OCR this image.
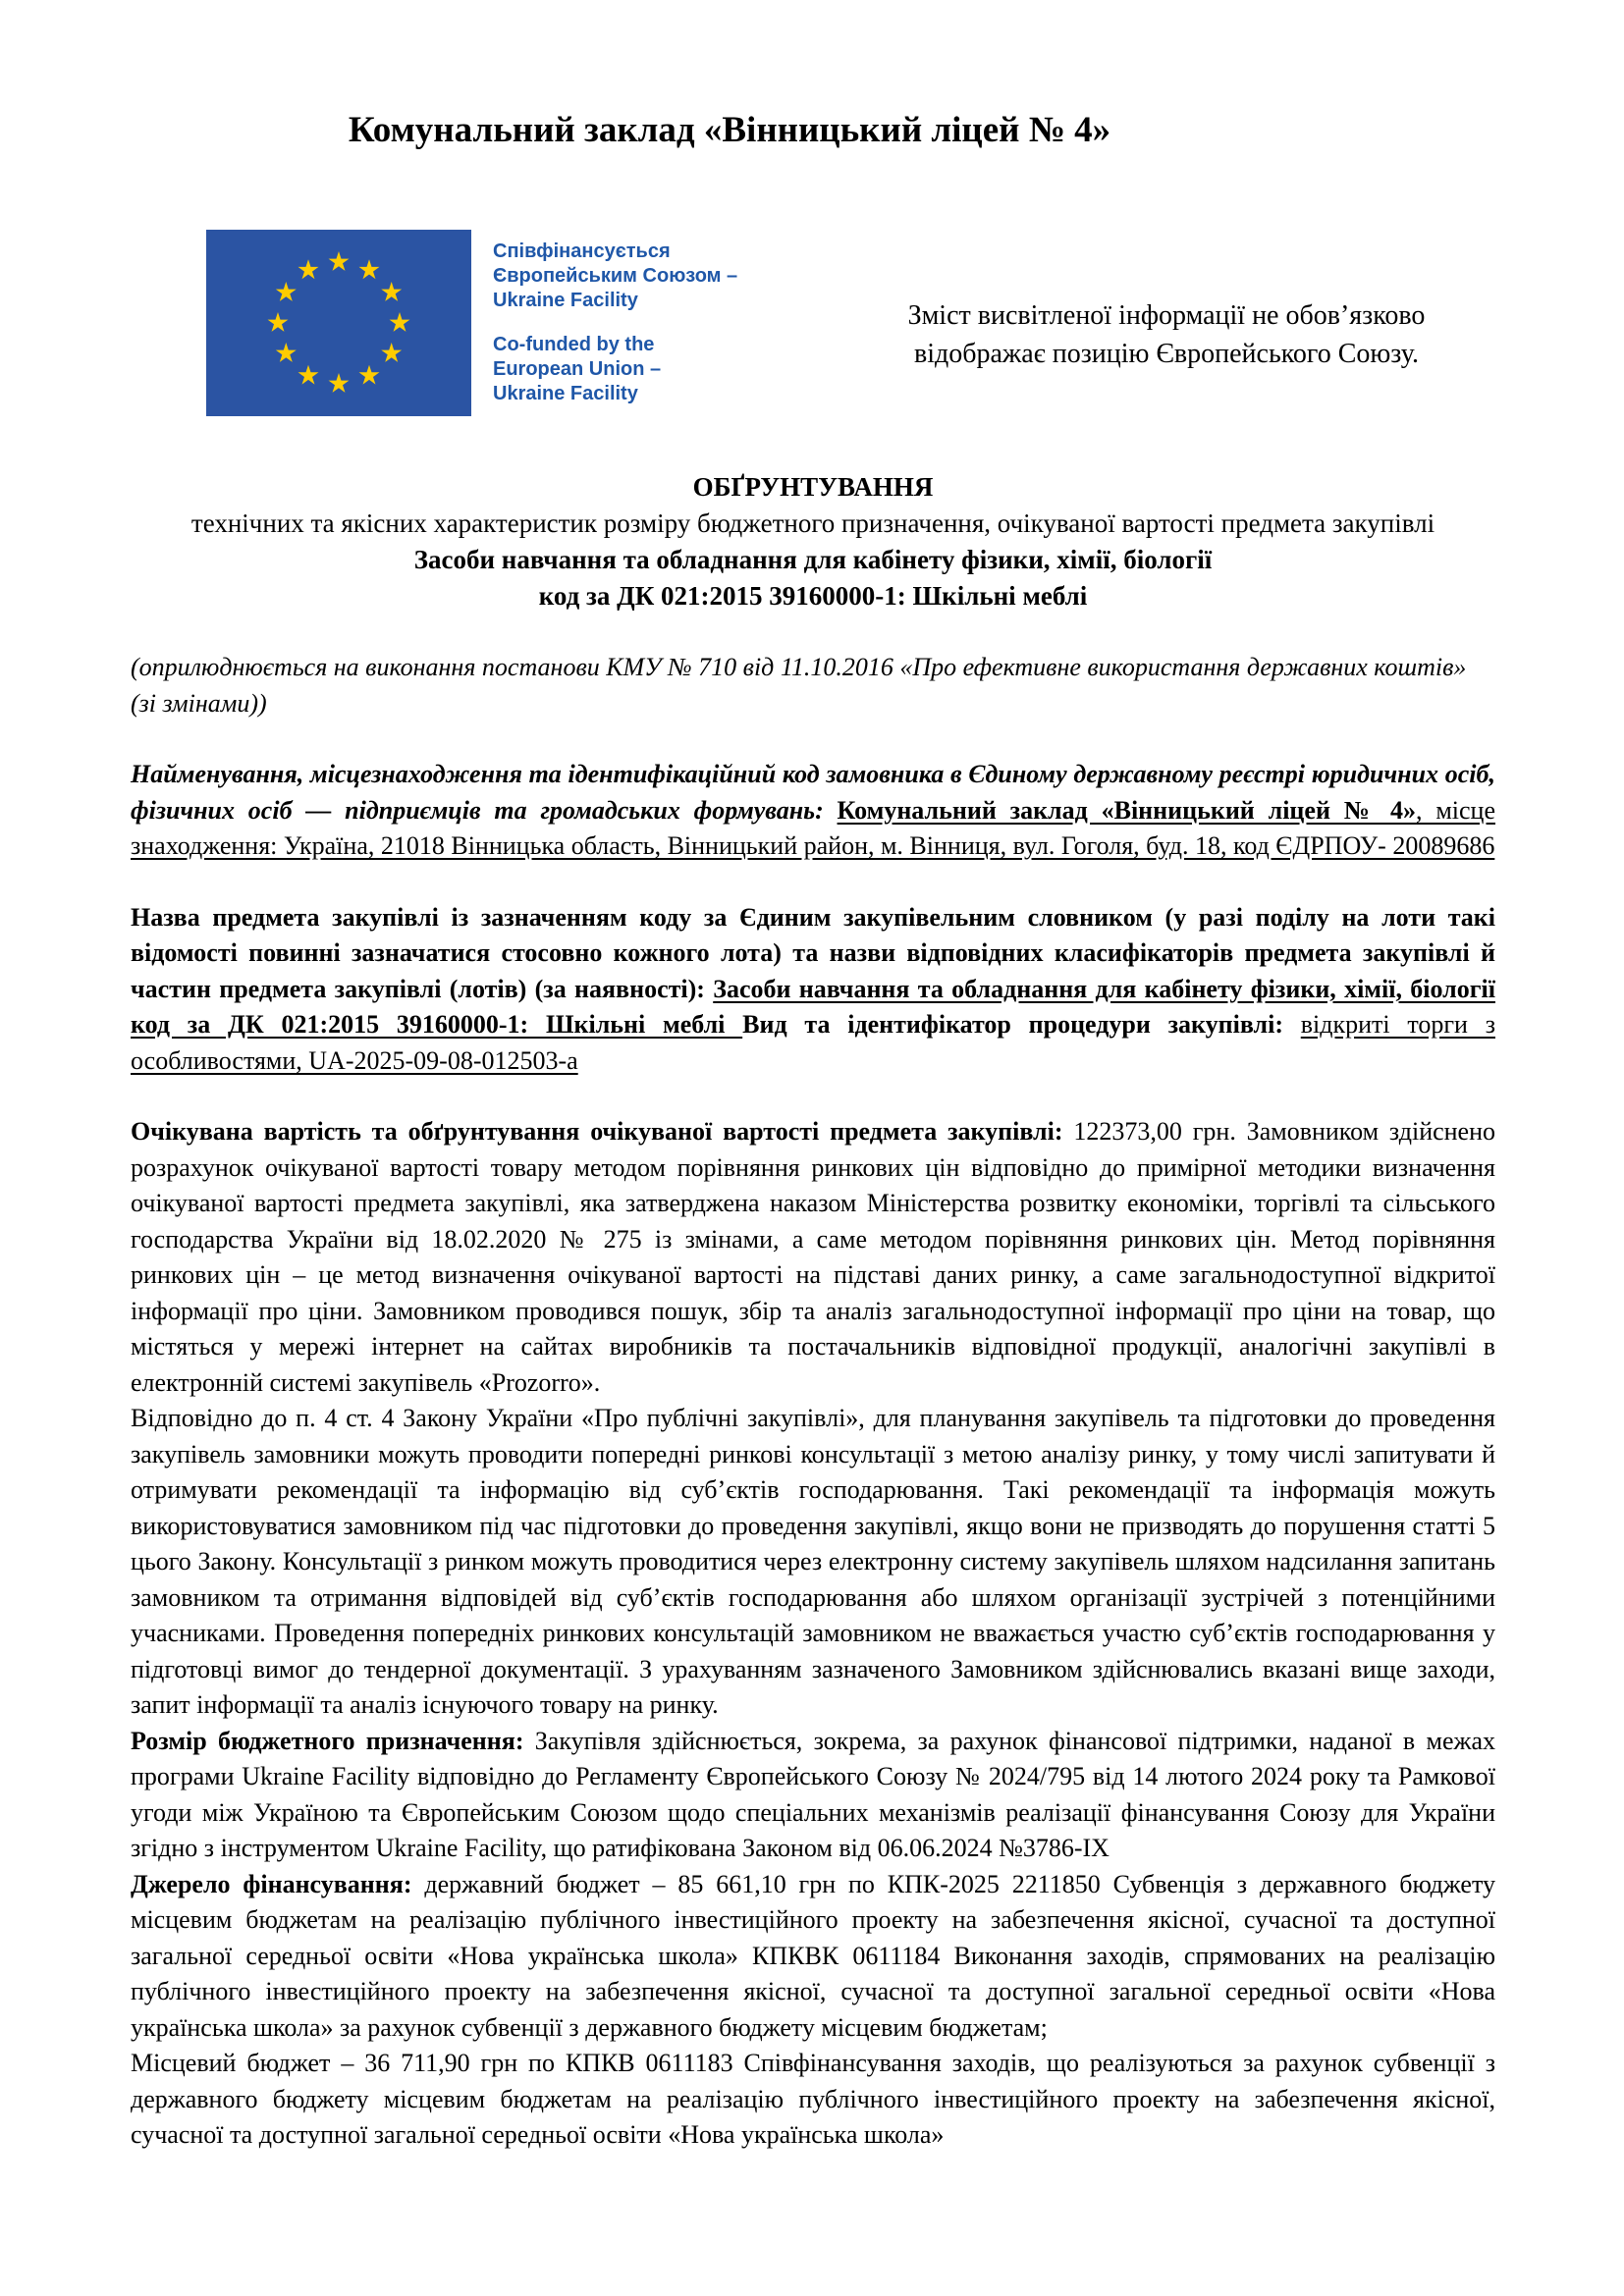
Комунальний заклад «Вінницький ліцей № 4»
Співфінансується
Європейським Союзом –
Ukraine Facility
Co-funded by the
European Union –
Ukraine Facility
Зміст висвітленої інформації не обов’язково
відображає позицію Європейського Союзу.
ОБҐРУНТУВАННЯ
технічних та якісних характеристик розміру бюджетного призначення, очікуваної вартості предмета закупівлі
Засоби навчання та обладнання для кабінету фізики, хімії, біології
код за ДК 021:2015 39160000-1: Шкільні меблі

(оприлюднюється на виконання постанови КМУ № 710 від 11.10.2016 «Про ефективне використання державних коштів» (зі змінами))

Найменування, місцезнаходження та ідентифікаційний код замовника в Єдиному державному реєстрі юридичних осіб, фізичних осіб — підприємців та громадських формувань: Комунальний заклад «Вінницький ліцей № 4», місце знаходження: Україна, 21018 Вінницька область, Вінницький район, м. Вінниця, вул. Гоголя, буд. 18, код ЄДРПОУ- 20089686

Назва предмета закупівлі із зазначенням коду за Єдиним закупівельним словником (у разі поділу на лоти такі відомості повинні зазначатися стосовно кожного лота) та назви відповідних класифікаторів предмета закупівлі й частин предмета закупівлі (лотів) (за наявності): Засоби навчання та обладнання для кабінету фізики, хімії, біології код за ДК 021:2015 39160000-1: Шкільні меблі Вид та ідентифікатор процедури закупівлі: відкриті торги з особливостями, UA-2025-09-08-012503-a

Очікувана вартість та обґрунтування очікуваної вартості предмета закупівлі: 122373,00 грн. Замовником здійснено розрахунок очікуваної вартості товару методом порівняння ринкових цін відповідно до примірної методики визначення очікуваної вартості предмета закупівлі, яка затверджена наказом Міністерства розвитку економіки, торгівлі та сільського господарства України від 18.02.2020 № 275 із змінами, а саме методом порівняння ринкових цін. Метод порівняння ринкових цін – це метод визначення очікуваної вартості на підставі даних ринку, а саме загальнодоступної відкритої інформації про ціни. Замовником проводився пошук, збір та аналіз загальнодоступної інформації про ціни на товар, що містяться у мережі інтернет на сайтах виробників та постачальників відповідної продукції, аналогічні закупівлі в електронній системі закупівель «Prozorro».

Відповідно до п. 4 ст. 4 Закону України «Про публічні закупівлі», для планування закупівель та підготовки до проведення закупівель замовники можуть проводити попередні ринкові консультації з метою аналізу ринку, у тому числі запитувати й отримувати рекомендації та інформацію від суб’єктів господарювання. Такі рекомендації та інформація можуть використовуватися замовником під час підготовки до проведення закупівлі, якщо вони не призводять до порушення статті 5 цього Закону. Консультації з ринком можуть проводитися через електронну систему закупівель шляхом надсилання запитань замовником та отримання відповідей від суб’єктів господарювання або шляхом організації зустрічей з потенційними учасниками. Проведення попередніх ринкових консультацій замовником не вважається участю суб’єктів господарювання у підготовці вимог до тендерної документації. З урахуванням зазначеного Замовником здійснювались вказані вище заходи, запит інформації та аналіз існуючого товару на ринку.

Розмір бюджетного призначення: Закупівля здійснюється, зокрема, за рахунок фінансової підтримки, наданої в межах програми Ukraine Facility відповідно до Регламенту Європейського Союзу № 2024/795 від 14 лютого 2024 року та Рамкової угоди між Україною та Європейським Союзом щодо спеціальних механізмів реалізації фінансування Союзу для України згідно з інструментом Ukraine Facility, що ратифікована Законом від 06.06.2024 №3786-IX

Джерело фінансування: державний бюджет – 85 661,10 грн по КПК-2025 2211850 Субвенція з державного бюджету місцевим бюджетам на реалізацію публічного інвестиційного проекту на забезпечення якісної, сучасної та доступної загальної середньої освіти «Нова українська школа» КПКВК 0611184 Виконання заходів, спрямованих на реалізацію публічного інвестиційного проекту на забезпечення якісної, сучасної та доступної загальної середньої освіти «Нова українська школа» за рахунок субвенції з державного бюджету місцевим бюджетам;

Місцевий бюджет – 36 711,90 грн по КПКВ 0611183 Співфінансування заходів, що реалізуються за рахунок субвенції з державного бюджету місцевим бюджетам на реалізацію публічного інвестиційного проекту на забезпечення якісної, сучасної та доступної загальної середньої освіти «Нова українська школа»
